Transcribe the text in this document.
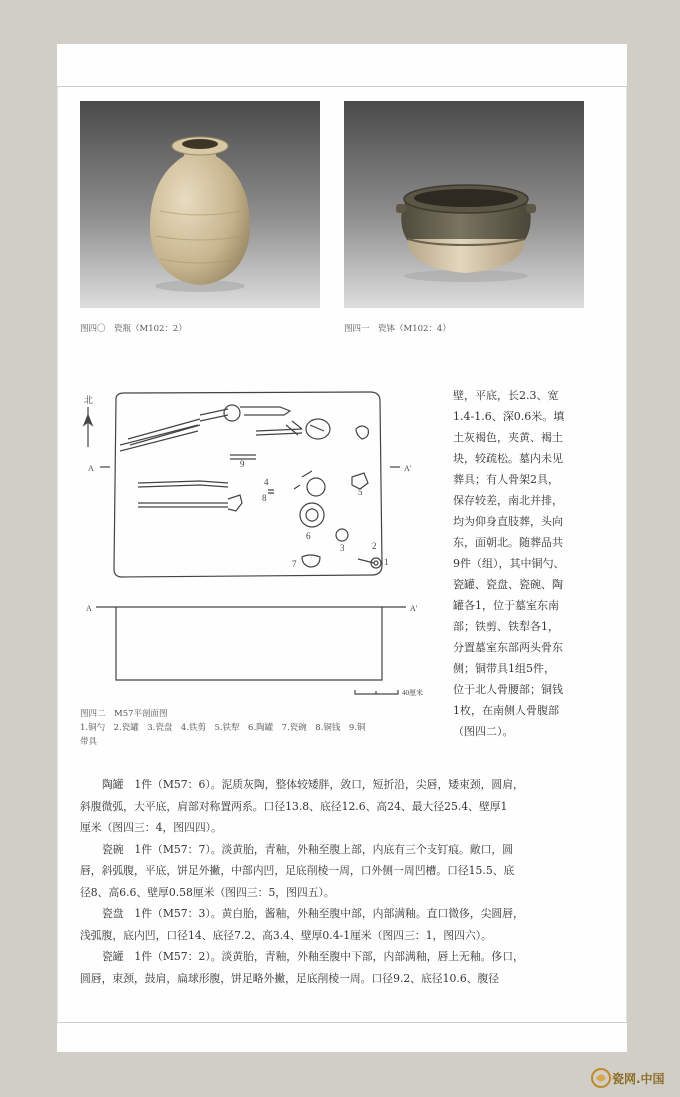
图四〇　瓷瓶（M102：2）	图四一　瓷钵（M102：4）
北
A	A'
A	A'
1
2
3
4
5
6
7
8
9
40厘米
图四二　M57平剖面图
1.铜勺　2.瓷罐　3.瓷盘　4.铁剪　5.铁犁　6.陶罐　7.瓷碗　8.铜钱　9.铜
带具
壁，平底，长2.3、宽
1.4-1.6、深0.6米。填
土灰褐色，夹黄、褐土
块，较疏松。墓内未见
葬具；有人骨架2具，
保存较差，南北并排，
均为仰身直肢葬，头向
东，面朝北。随葬品共
9件（组），其中铜勺、
瓷罐、瓷盘、瓷碗、陶
罐各1，位于墓室东南
部；铁剪、铁犁各1，
分置墓室东部两头骨东
侧；铜带具1组5件，
位于北人骨腰部；铜钱
1枚，在南侧人骨腹部
（图四二）。
陶罐　1件（M57：6）。泥质灰陶，整体较矮胖，敛口，短折沿，尖唇，矮束颈，圆肩，
斜腹微弧，大平底，肩部对称置两系。口径13.8、底径12.6、高24、最大径25.4、壁厚1
厘米（图四三：4，图四四）。
瓷碗　1件（M57：7）。淡黄胎，青釉，外釉至腹上部，内底有三个支钉痕。敞口，圆
唇，斜弧腹，平底，饼足外撇，中部内凹，足底削棱一周，口外侧一周凹槽。口径15.5、底
径8、高6.6、壁厚0.58厘米（图四三：5，图四五）。
瓷盘　1件（M57：3）。黄白胎，酱釉，外釉至腹中部，内部满釉。直口微侈，尖圆唇，
浅弧腹，底内凹，口径14、底径7.2、高3.4、壁厚0.4-1厘米（图四三：1，图四六）。
瓷罐　1件（M57：2）。淡黄胎，青釉，外釉至腹中下部，内部满釉，唇上无釉。侈口，
圆唇，束颈，鼓肩，扁球形腹，饼足略外撇，足底削棱一周。口径9.2、底径10.6、腹径
瓷网.中国
